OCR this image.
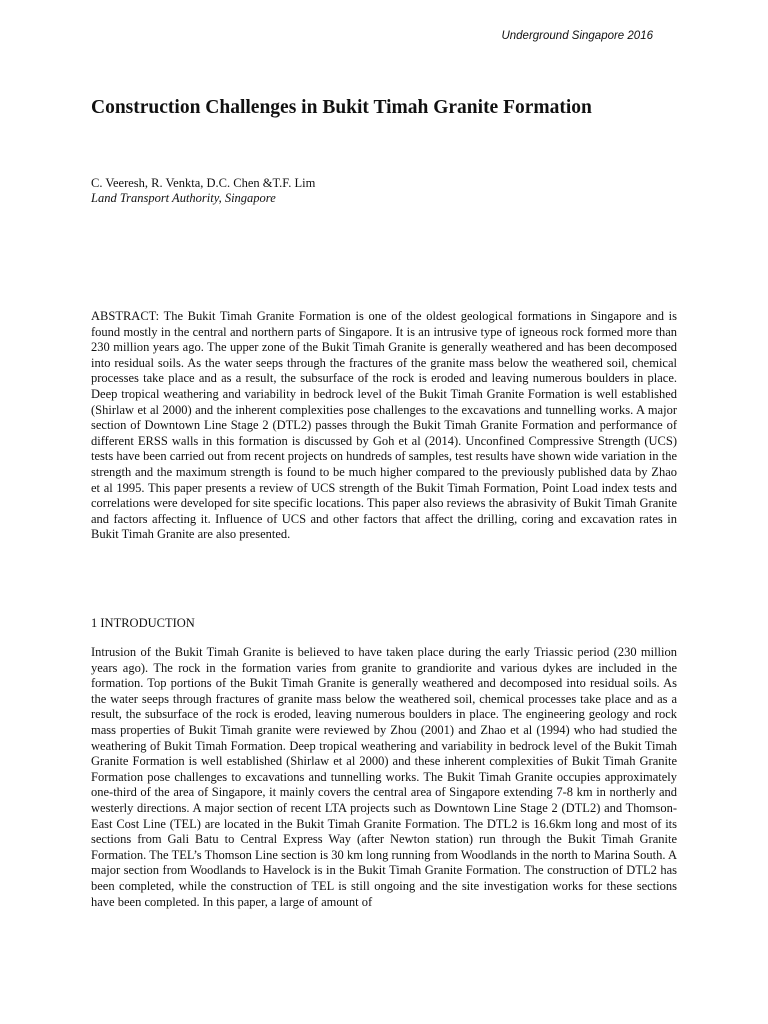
Underground Singapore 2016
Construction Challenges in Bukit Timah Granite Formation
C. Veeresh, R. Venkta, D.C. Chen &T.F. Lim
Land Transport Authority, Singapore

ABSTRACT: The Bukit Timah Granite Formation is one of the oldest geological formations in Singapore and is found mostly in the central and northern parts of Singapore. It is an intrusive type of igneous rock formed more than 230 million years ago. The upper zone of the Bukit Timah Granite is generally weathered and has been decomposed into residual soils. As the water seeps through the fractures of the granite mass below the weathered soil, chemical processes take place and as a result, the subsurface of the rock is eroded and leaving numerous boulders in place. Deep tropical weathering and variability in bedrock level of the Bukit Timah Granite Formation is well established (Shirlaw et al 2000) and the inherent complexities pose challenges to the excavations and tunnelling works. A major section of Downtown Line Stage 2 (DTL2) passes through the Bukit Timah Granite Formation and performance of different ERSS walls in this formation is discussed by Goh et al (2014). Unconfined Compressive Strength (UCS) tests have been carried out from recent projects on hundreds of samples, test results have shown wide variation in the strength and the maximum strength is found to be much higher compared to the previously published data by Zhao et al 1995. This paper presents a review of UCS strength of the Bukit Timah Formation, Point Load index tests and correlations were developed for site specific locations. This paper also reviews the abrasivity of Bukit Timah Granite and factors affecting it. Influence of UCS and other factors that affect the drilling, coring and excavation rates in Bukit Timah Granite are also presented.

1 INTRODUCTION

Intrusion of the Bukit Timah Granite is believed to have taken place during the early Triassic period (230 million years ago). The rock in the formation varies from granite to grandiorite and various dykes are included in the formation. Top portions of the Bukit Timah Granite is generally weathered and decomposed into residual soils. As the water seeps through fractures of granite mass below the weathered soil, chemical processes take place and as a result, the subsurface of the rock is eroded, leaving numerous boulders in place. The engineering geology and rock mass properties of Bukit Timah granite were reviewed by Zhou (2001) and Zhao et al (1994) who had studied the weathering of Bukit Timah Formation. Deep tropical weathering and variability in bedrock level of the Bukit Timah Granite Formation is well established (Shirlaw et al 2000) and these inherent complexities of Bukit Timah Granite Formation pose challenges to excavations and tunnelling works. The Bukit Timah Granite occupies approximately one-third of the area of Singapore, it mainly covers the central area of Singapore extending 7-8 km in northerly and westerly directions. A major section of recent LTA projects such as Downtown Line Stage 2 (DTL2) and Thomson-East Cost Line (TEL) are located in the Bukit Timah Granite Formation. The DTL2 is 16.6km long and most of its sections from Gali Batu to Central Express Way (after Newton station) run through the Bukit Timah Granite Formation. The TEL’s Thomson Line section is 30 km long running from Woodlands in the north to Marina South. A major section from Woodlands to Havelock is in the Bukit Timah Granite Formation. The construction of DTL2 has been completed, while the construction of TEL is still ongoing and the site investigation works for these sections have been completed. In this paper, a large of amount of
